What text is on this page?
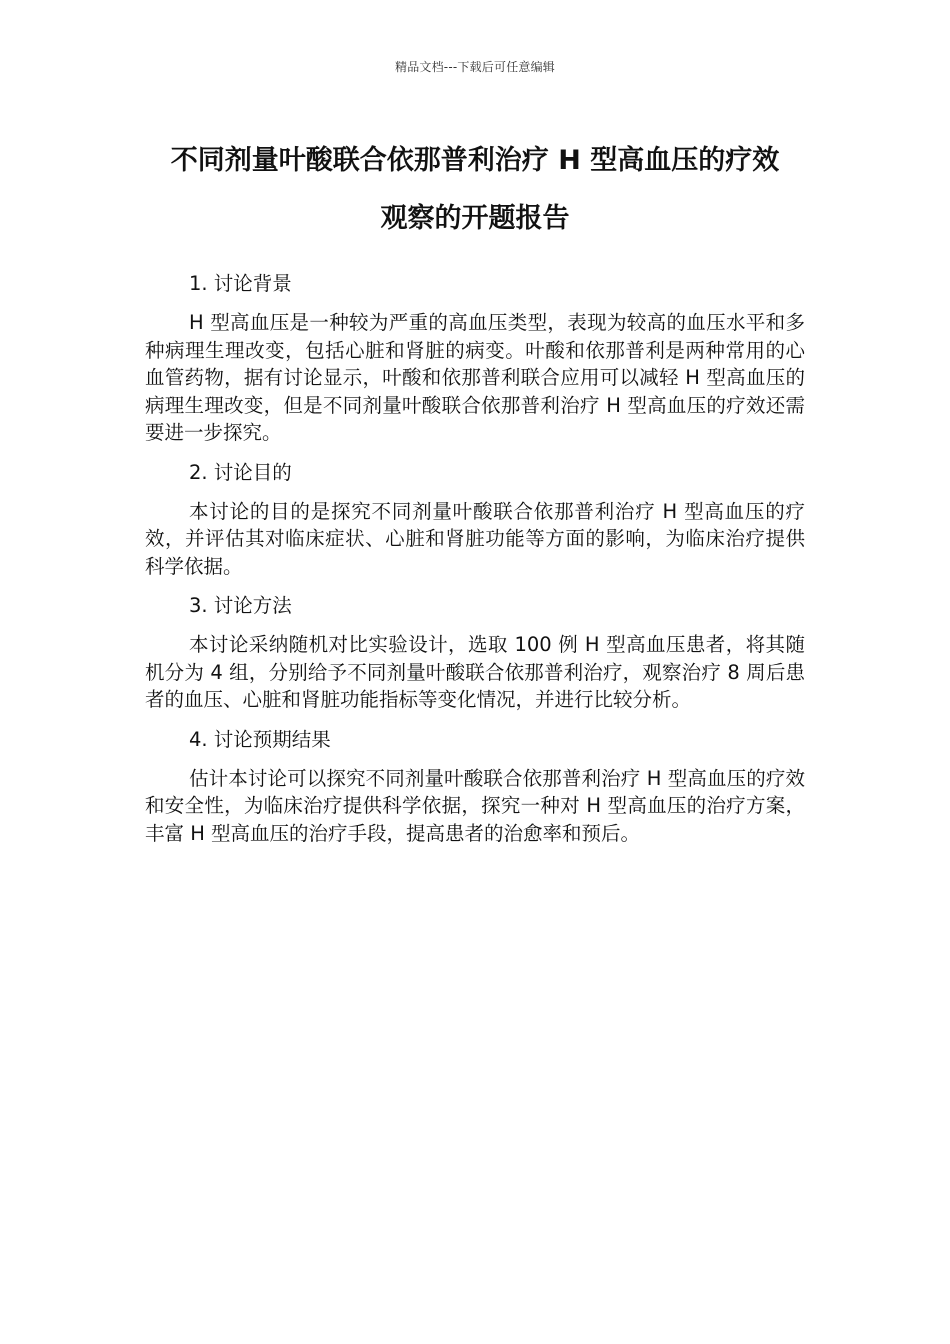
精品文档---下载后可任意编辑
不同剂量叶酸联合依那普利治疗 H 型高血压的疗效
观察的开题报告

1. 讨论背景

H 型高血压是一种较为严重的高血压类型，表现为较高的血压水平和多种病理生理改变，包括心脏和肾脏的病变。叶酸和依那普利是两种常用的心血管药物，据有讨论显示，叶酸和依那普利联合应用可以减轻 H 型高血压的病理生理改变，但是不同剂量叶酸联合依那普利治疗 H 型高血压的疗效还需要进一步探究。

2. 讨论目的

本讨论的目的是探究不同剂量叶酸联合依那普利治疗 H 型高血压的疗效，并评估其对临床症状、心脏和肾脏功能等方面的影响，为临床治疗提供科学依据。

3. 讨论方法

本讨论采纳随机对比实验设计，选取 100 例 H 型高血压患者，将其随机分为 4 组，分别给予不同剂量叶酸联合依那普利治疗，观察治疗 8 周后患者的血压、心脏和肾脏功能指标等变化情况，并进行比较分析。

4. 讨论预期结果

估计本讨论可以探究不同剂量叶酸联合依那普利治疗 H 型高血压的疗效和安全性，为临床治疗提供科学依据，探究一种对 H 型高血压的治疗方案，丰富 H 型高血压的治疗手段，提高患者的治愈率和预后。
